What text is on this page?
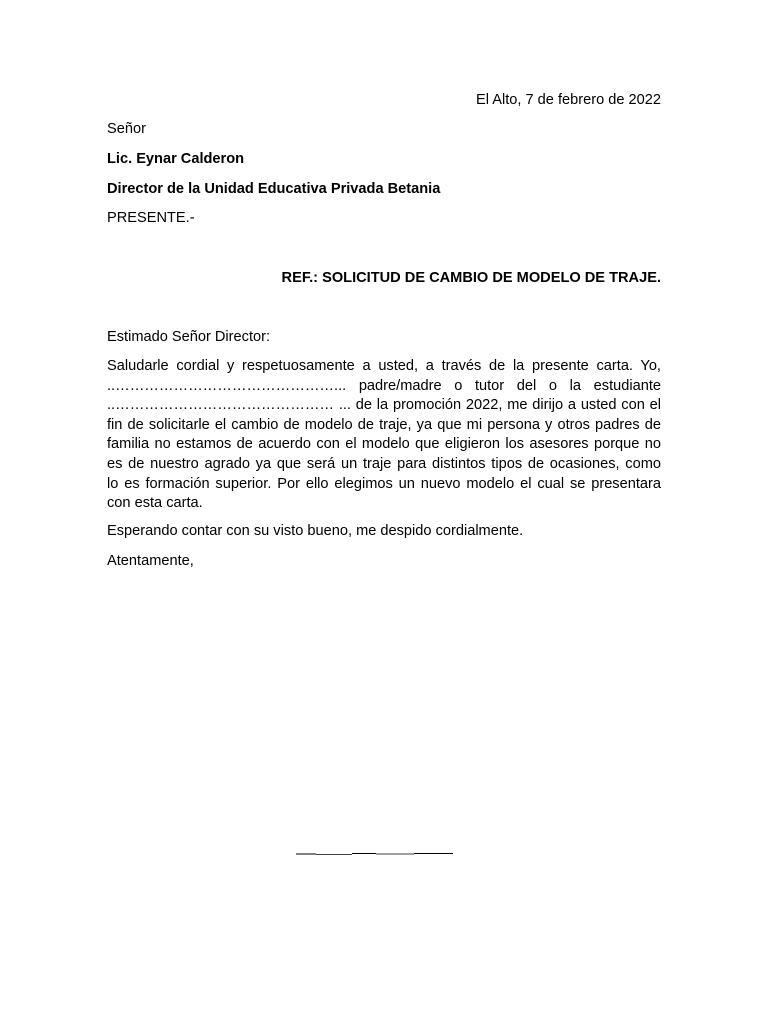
El Alto, 7 de febrero de 2022
Señor
Lic. Eynar Calderon
Director de la Unidad Educativa Privada Betania
PRESENTE.-
REF.: SOLICITUD DE CAMBIO DE MODELO DE TRAJE.
Estimado Señor Director:
Saludarle cordial y respetuosamente a usted, a través de la presente carta. Yo,
..………………………………………... padre/madre o tutor del o la estudiante
..……………………………………… ... de la promoción 2022, me dirijo a usted con el
fin de solicitarle el cambio de modelo de traje, ya que mi persona y otros padres de
familia no estamos de acuerdo con el modelo que eligieron los asesores porque no
es de nuestro agrado ya que será un traje para distintos tipos de ocasiones, como
lo es formación superior. Por ello elegimos un nuevo modelo el cual se presentara
con esta carta.
Esperando contar con su visto bueno, me despido cordialmente.
Atentamente,
